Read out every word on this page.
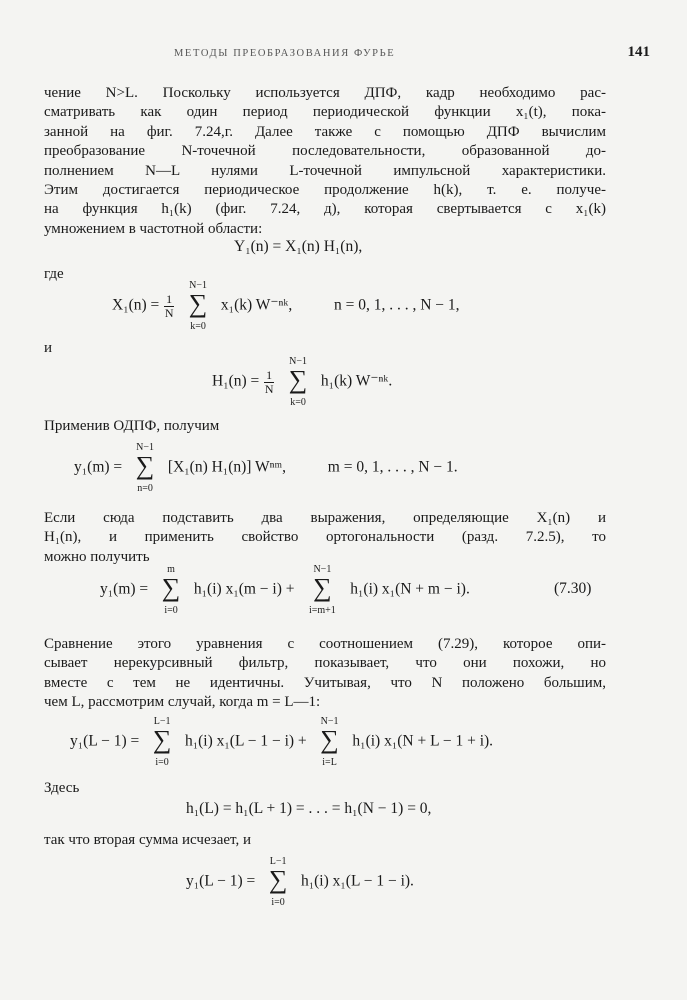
МЕТОДЫ ПРЕОБРАЗОВАНИЯ ФУРЬЕ	141
чение N>L. Поскольку используется ДПФ, кадр необходимо рас-
сматривать как один период периодической функции x₁(t), пока-
занной на фиг. 7.24,г. Далее также с помощью ДПФ вычислим
преобразование N-точечной последовательности, образованной до-
полнением N—L нулями L-точечной импульсной характеристики.
Этим достигается периодическое продолжение h(k), т. е. получе-
на функция h₁(k) (фиг. 7.24, д), которая свертывается с x₁(k)
умножением в частотной области:
Y₁(n) = X₁(n) H₁(n),
где
$X_1(n) = \frac{1}{N}$

N−1
∑
k=0
x₁(k) W⁻ⁿᵏ,	n = 0, 1, . . . , N − 1,
и
$H_1(n) = \frac{1}{N}$

N−1
∑
k=0
h₁(k) W⁻ⁿᵏ.
Применив ОДПФ, получим
y₁(m) =
N−1
∑
n=0
[X₁(n) H₁(n)] Wⁿᵐ,	m = 0, 1, . . . , N − 1.
Если сюда подставить два выражения, определяющие X₁(n) и
H₁(n), и применить свойство ортогональности (разд. 7.2.5), то
можно получить
y₁(m) =
m
∑
i=0
h₁(i) x₁(m − i) +
N−1
∑
i=m+1
h₁(i) x₁(N + m − i).	(7.30)
Сравнение этого уравнения с соотношением (7.29), которое опи-
сывает нерекурсивный фильтр, показывает, что они похожи, но
вместе с тем не идентичны. Учитывая, что N положено большим,
чем L, рассмотрим случай, когда m = L—1:
y₁(L − 1) =
L−1
∑
i=0
h₁(i) x₁(L − 1 − i) +
N−1
∑
i=L
h₁(i) x₁(N + L − 1 + i).
Здесь
h₁(L) = h₁(L + 1) = . . . = h₁(N − 1) = 0,
так что вторая сумма исчезает, и
y₁(L − 1) =
L−1
∑
i=0
h₁(i) x₁(L − 1 − i).
